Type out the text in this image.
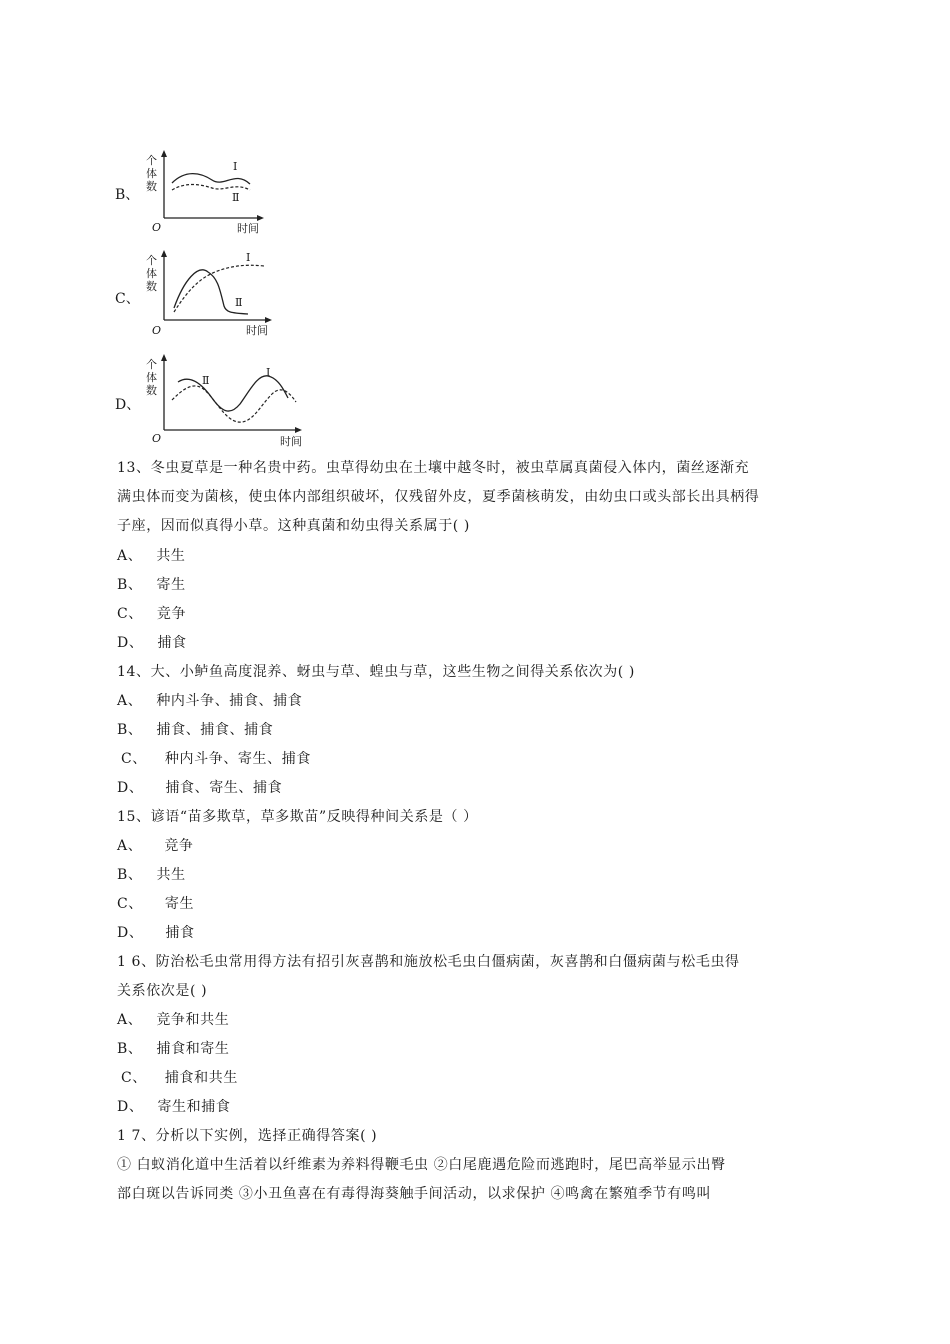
B、
个
体
数
O	时间
Ⅰ
Ⅱ
C、
个
体
数
O	时间
Ⅰ
Ⅱ
D、
个
体
数
O	时间
Ⅰ
Ⅱ
13、冬虫夏草是一种名贵中药。虫草得幼虫在土壤中越冬时，被虫草属真菌侵入体内，菌丝逐渐充
满虫体而变为菌核，使虫体内部组织破坏，仅残留外皮，夏季菌核萌发，由幼虫口或头部长出具柄得
子座，因而似真得小草。这种真菌和幼虫得关系属于( )
A、 共生
B、 寄生
C、 竞争
D、 捕食
14、大、小鲈鱼高度混养、蚜虫与草、蝗虫与草，这些生物之间得关系依次为( )
A、 种内斗争、捕食、捕食
B、 捕食、捕食、捕食
C、 种内斗争、寄生、捕食
D、 捕食、寄生、捕食
15、谚语“苗多欺草，草多欺苗”反映得种间关系是（ ）
A、 竞争
B、 共生
C、 寄生
D、 捕食
1 6、防治松毛虫常用得方法有招引灰喜鹊和施放松毛虫白僵病菌，灰喜鹊和白僵病菌与松毛虫得
关系依次是( )
A、 竞争和共生
B、 捕食和寄生
C、 捕食和共生
D、 寄生和捕食
1 7、分析以下实例，选择正确得答案( )
① 白蚁消化道中生活着以纤维素为养料得鞭毛虫 ②白尾鹿遇危险而逃跑时，尾巴高举显示出臀
部白斑以告诉同类 ③小丑鱼喜在有毒得海葵触手间活动，以求保护 ④鸣禽在繁殖季节有鸣叫
